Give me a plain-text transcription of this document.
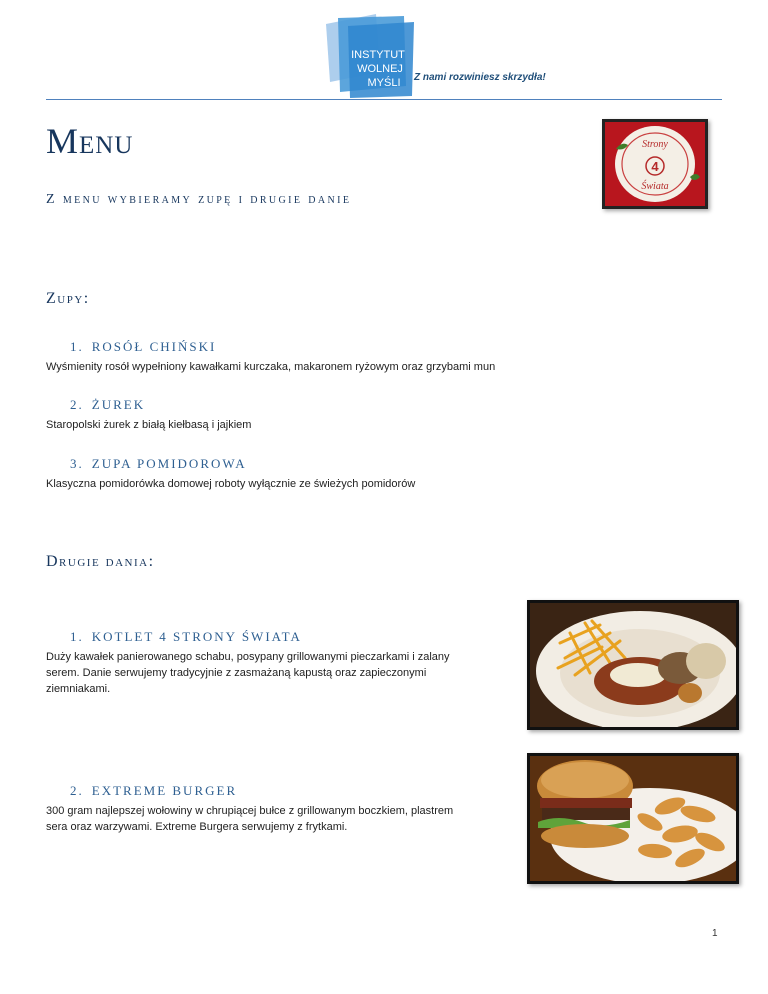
INSTYTUT
WOLNEJ
MYŚLI Z nami rozwiniesz skrzydła!
Menu
Z menu wybieramy zupę i drugie danie
Strony
4
Świata
Zupy:
1. ROSÓŁ CHIŃSKI
Wyśmienity rosół wypełniony kawałkami kurczaka, makaronem ryżowym oraz grzybami mun
2. ŻUREK
Staropolski żurek z białą kiełbasą i jajkiem
3. ZUPA POMIDOROWA
Klasyczna pomidorówka domowej roboty wyłącznie ze świeżych pomidorów
Drugie dania:
1. KOTLET 4 STRONY ŚWIATA
Duży kawałek panierowanego schabu, posypany grillowanymi pieczarkami i zalany serem. Danie serwujemy tradycyjnie z zasmażaną kapustą oraz zapieczonymi ziemniakami.
2. EXTREME BURGER
300 gram najlepszej wołowiny w chrupiącej bułce z grillowanym boczkiem, plastrem sera oraz warzywami. Extreme Burgera serwujemy z frytkami.
1
